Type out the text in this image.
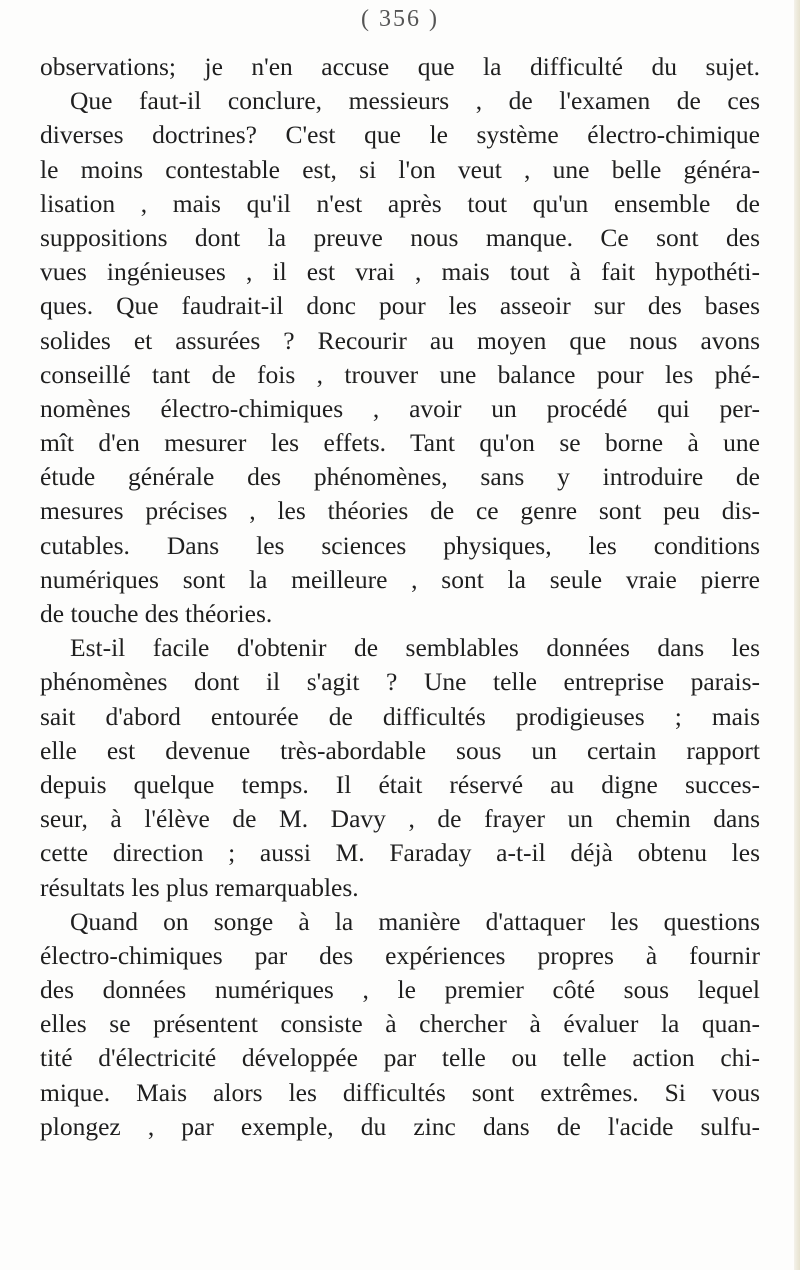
( 356 )
observations; je n'en accuse que la difficulté du sujet.
Que faut-il conclure, messieurs , de l'examen de ces
diverses doctrines? C'est que le système électro-chimique
le moins contestable est, si l'on veut , une belle généra-
lisation , mais qu'il n'est après tout qu'un ensemble de
suppositions dont la preuve nous manque. Ce sont des
vues ingénieuses , il est vrai , mais tout à fait hypothéti-
ques. Que faudrait-il donc pour les asseoir sur des bases
solides et assurées ? Recourir au moyen que nous avons
conseillé tant de fois , trouver une balance pour les phé-
nomènes électro-chimiques , avoir un procédé qui per-
mît d'en mesurer les effets. Tant qu'on se borne à une
étude générale des phénomènes, sans y introduire de
mesures précises , les théories de ce genre sont peu dis-
cutables. Dans les sciences physiques, les conditions
numériques sont la meilleure , sont la seule vraie pierre
de touche des théories.
Est-il facile d'obtenir de semblables données dans les
phénomènes dont il s'agit ? Une telle entreprise parais-
sait d'abord entourée de difficultés prodigieuses ; mais
elle est devenue très-abordable sous un certain rapport
depuis quelque temps. Il était réservé au digne succes-
seur, à l'élève de M. Davy , de frayer un chemin dans
cette direction ; aussi M. Faraday a-t-il déjà obtenu les
résultats les plus remarquables.
Quand on songe à la manière d'attaquer les questions
électro-chimiques par des expériences propres à fournir
des données numériques , le premier côté sous lequel
elles se présentent consiste à chercher à évaluer la quan-
tité d'électricité développée par telle ou telle action chi-
mique. Mais alors les difficultés sont extrêmes. Si vous
plongez , par exemple, du zinc dans de l'acide sulfu-
